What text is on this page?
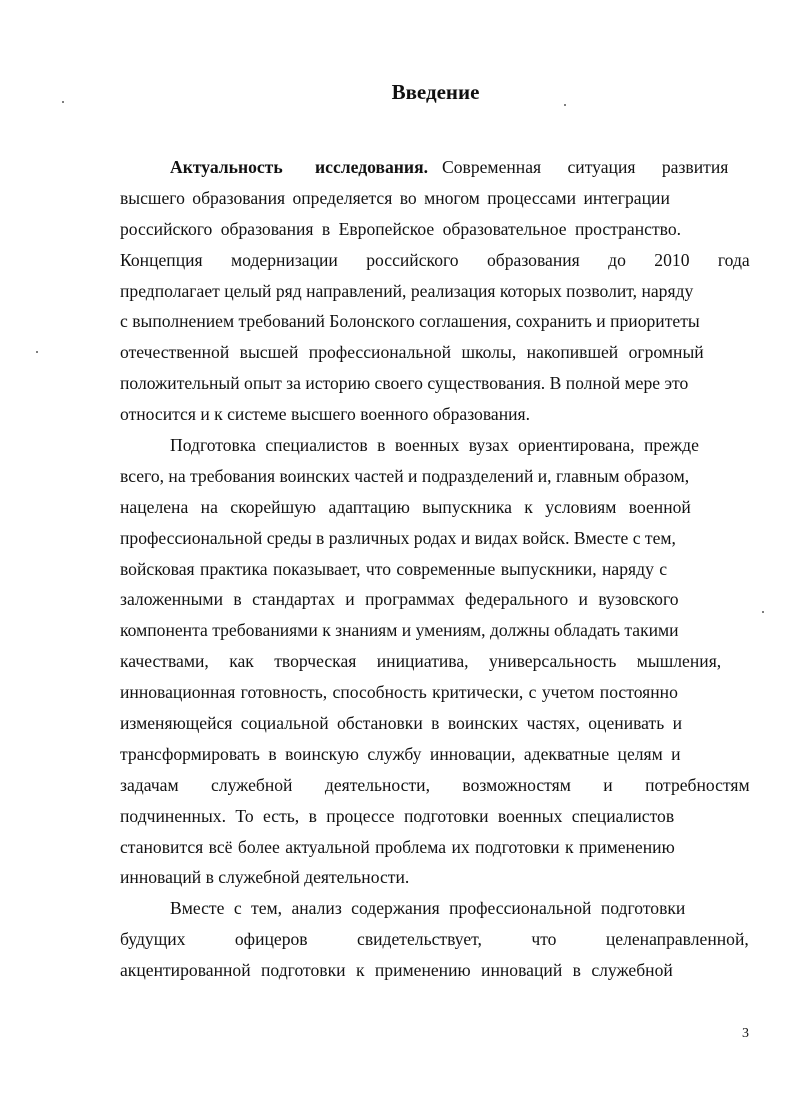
Введение
Актуальность исследования. Современная ситуация развития
высшего образования определяется во многом процессами интеграции
российского образования в Европейское образовательное пространство.
Концепция модернизации российского образования до 2010 года
предполагает целый ряд направлений, реализация которых позволит, наряду
с выполнением требований Болонского соглашения, сохранить и приоритеты
отечественной высшей профессиональной школы, накопившей огромный
положительный опыт за историю своего существования. В полной мере это
относится и к системе высшего военного образования.
Подготовка специалистов в военных вузах ориентирована, прежде
всего, на требования воинских частей и подразделений и, главным образом,
нацелена на скорейшую адаптацию выпускника к условиям военной
профессиональной среды в различных родах и видах войск. Вместе с тем,
войсковая практика показывает, что современные выпускники, наряду с
заложенными в стандартах и программах федерального и вузовского
компонента требованиями к знаниям и умениям, должны обладать такими
качествами, как творческая инициатива, универсальность мышления,
инновационная готовность, способность критически, с учетом постоянно
изменяющейся социальной обстановки в воинских частях, оценивать и
трансформировать в воинскую службу инновации, адекватные целям и
задачам служебной деятельности, возможностям и потребностям
подчиненных. То есть, в процессе подготовки военных специалистов
становится всё более актуальной проблема их подготовки к применению
инноваций в служебной деятельности.
Вместе с тем, анализ содержания профессиональной подготовки
будущих офицеров свидетельствует, что целенаправленной,
акцентированной подготовки к применению инноваций в служебной
3
